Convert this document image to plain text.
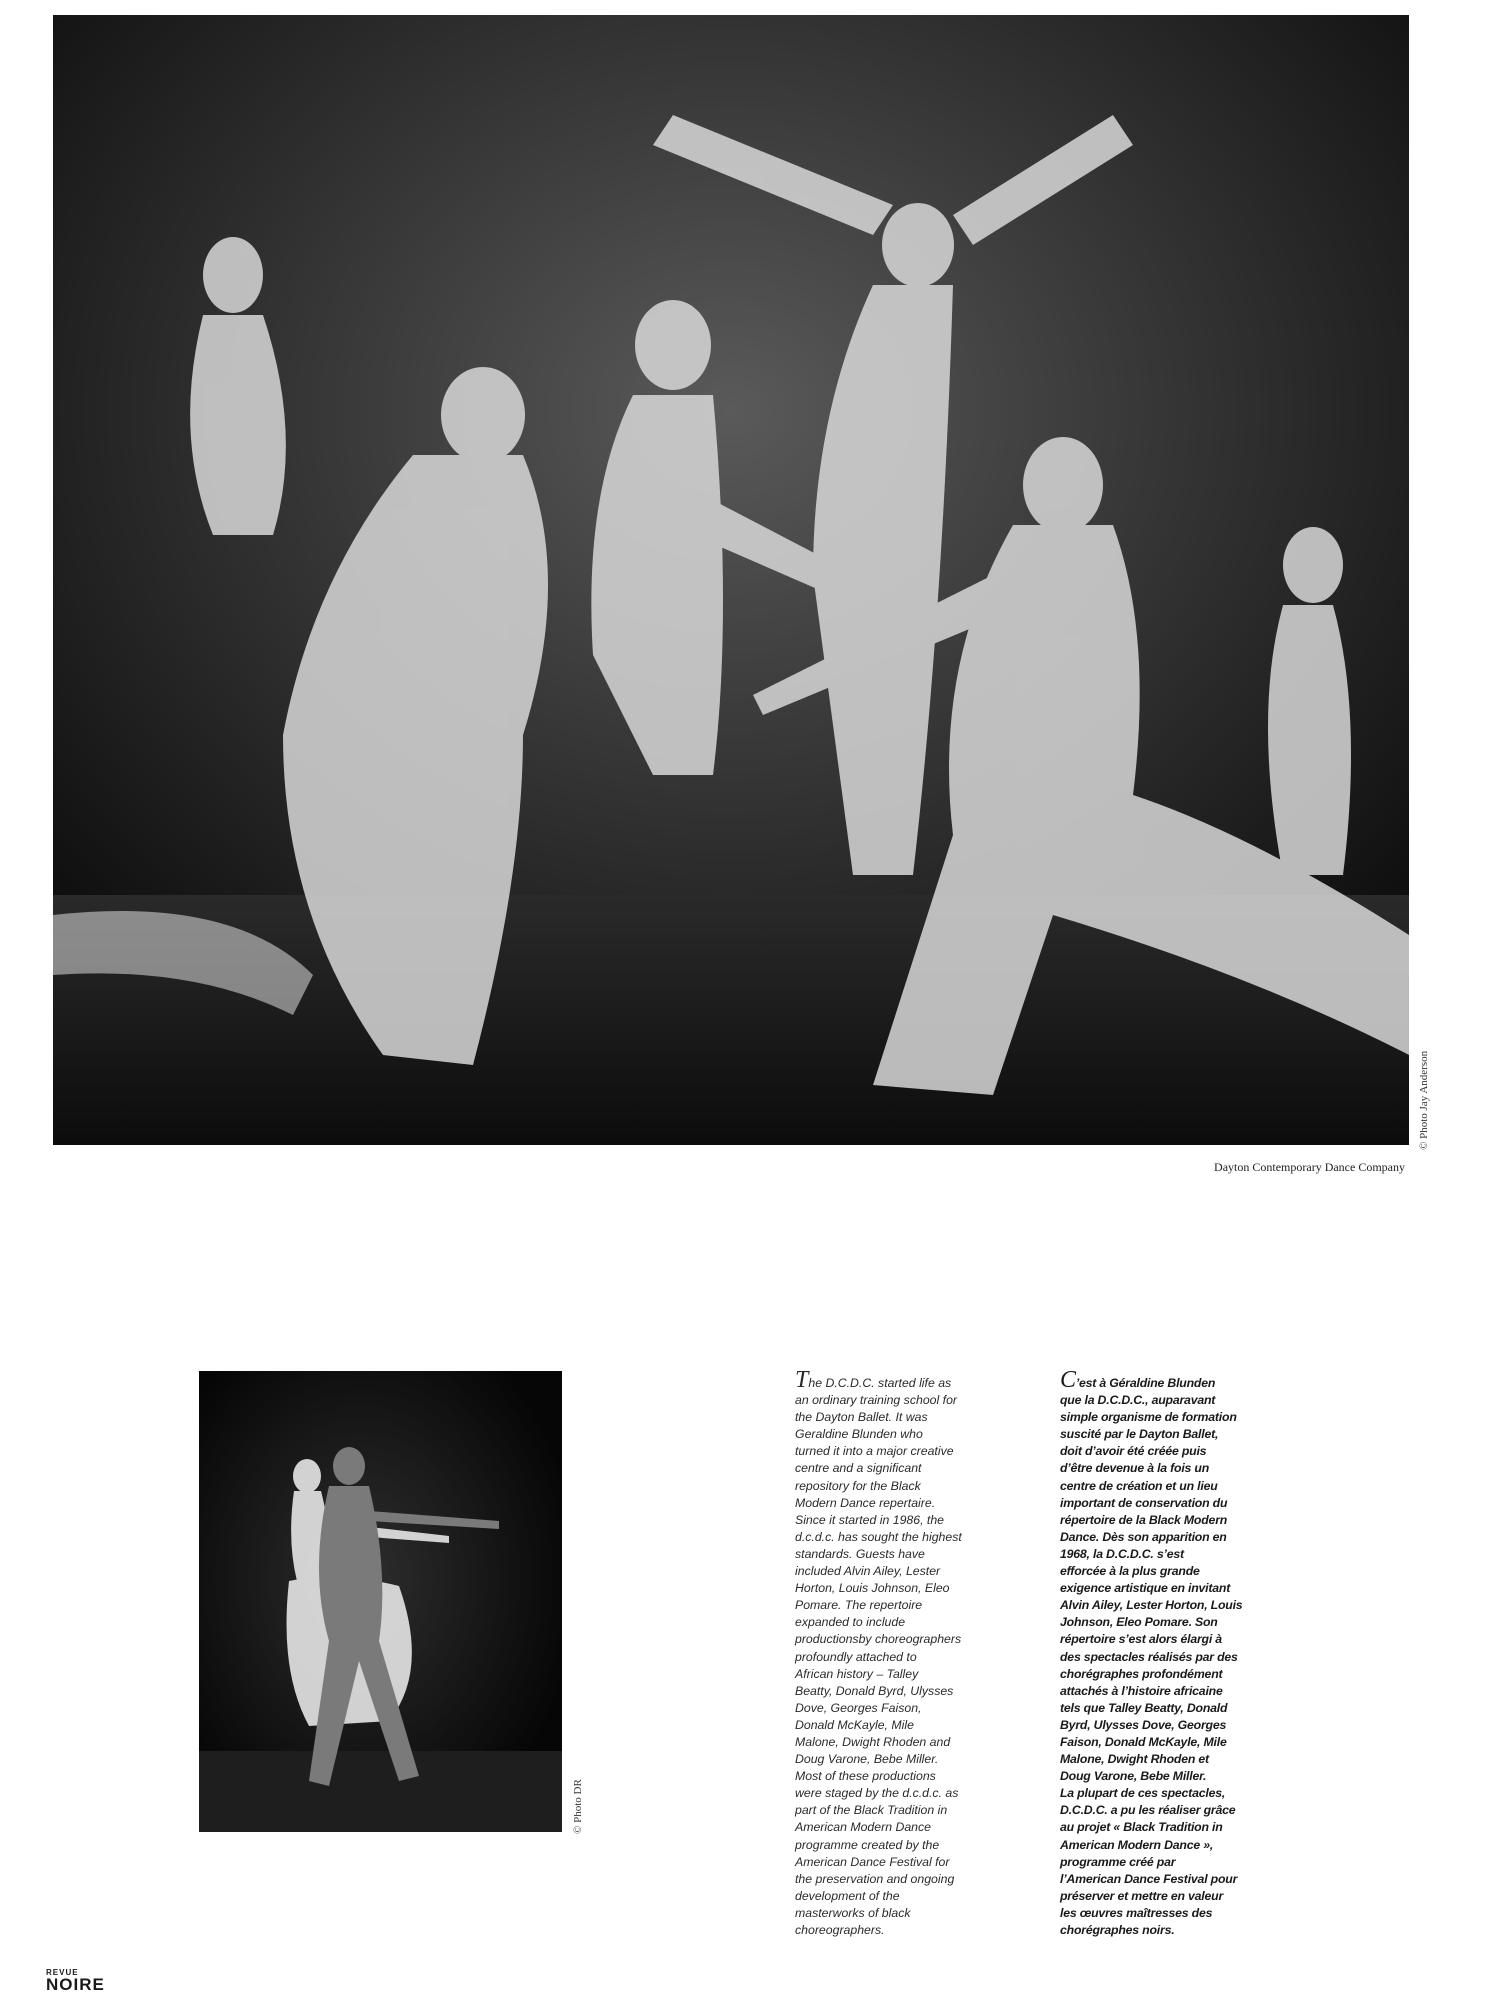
© Photo Jay Anderson
Dayton Contemporary Dance Company
© Photo DR
The D.C.D.C. started life as
an ordinary training school for
the Dayton Ballet. It was
Geraldine Blunden who
turned it into a major creative
centre and a significant
repository for the Black
Modern Dance repertaire.
Since it started in 1986, the
d.c.d.c. has sought the highest
standards. Guests have
included Alvin Ailey, Lester
Horton, Louis Johnson, Eleo
Pomare. The repertoire
expanded to include
productionsby choreographers
profoundly attached to
African history – Talley
Beatty, Donald Byrd, Ulysses
Dove, Georges Faison,
Donald McKayle, Mile
Malone, Dwight Rhoden and
Doug Varone, Bebe Miller.
Most of these productions
were staged by the d.c.d.c. as
part of the Black Tradition in
American Modern Dance
programme created by the
American Dance Festival for
the preservation and ongoing
development of the
masterworks of black
choreographers.
C’est à Géraldine Blunden
que la D.C.D.C., auparavant
simple organisme de formation
suscité par le Dayton Ballet,
doit d’avoir été créée puis
d’être devenue à la fois un
centre de création et un lieu
important de conservation du
répertoire de la Black Modern
Dance. Dès son apparition en
1968, la D.C.D.C. s’est
efforcée à la plus grande
exigence artistique en invitant
Alvin Ailey, Lester Horton, Louis
Johnson, Eleo Pomare. Son
répertoire s’est alors élargi à
des spectacles réalisés par des
chorégraphes profondément
attachés à l’histoire africaine
tels que Talley Beatty, Donald
Byrd, Ulysses Dove, Georges
Faison, Donald McKayle, Mile
Malone, Dwight Rhoden et
Doug Varone, Bebe Miller.
La plupart de ces spectacles,
D.C.D.C. a pu les réaliser grâce
au projet « Black Tradition in
American Modern Dance »,
programme créé par
l’American Dance Festival pour
préserver et mettre en valeur
les œuvres maîtresses des
chorégraphes noirs.
REVUE
NOIRE
